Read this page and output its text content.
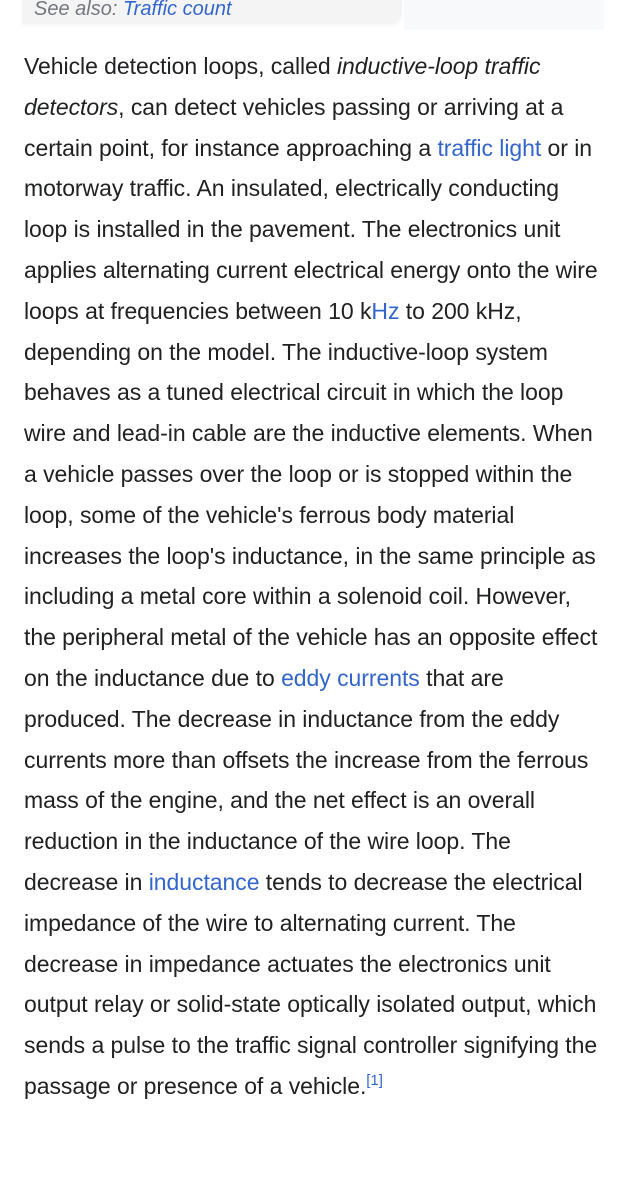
See also: Traffic count

Vehicle detection loops, called inductive-loop traffic detectors, can detect vehicles passing or arriving at a certain point, for instance approaching a traffic light or in motorway traffic. An insulated, electrically conducting loop is installed in the pavement. The electronics unit applies alternating current electrical energy onto the wire loops at frequencies between 10 kHz to 200 kHz, depending on the model. The inductive-loop system behaves as a tuned electrical circuit in which the loop wire and lead-in cable are the inductive elements. When a vehicle passes over the loop or is stopped within the loop, some of the vehicle's ferrous body material increases the loop's inductance, in the same principle as including a metal core within a solenoid coil. However, the peripheral metal of the vehicle has an opposite effect on the inductance due to eddy currents that are produced. The decrease in inductance from the eddy currents more than offsets the increase from the ferrous mass of the engine, and the net effect is an overall reduction in the inductance of the wire loop. The decrease in inductance tends to decrease the electrical impedance of the wire to alternating current. The decrease in impedance actuates the electronics unit output relay or solid-state optically isolated output, which sends a pulse to the traffic signal controller signifying the passage or presence of a vehicle.[1]
